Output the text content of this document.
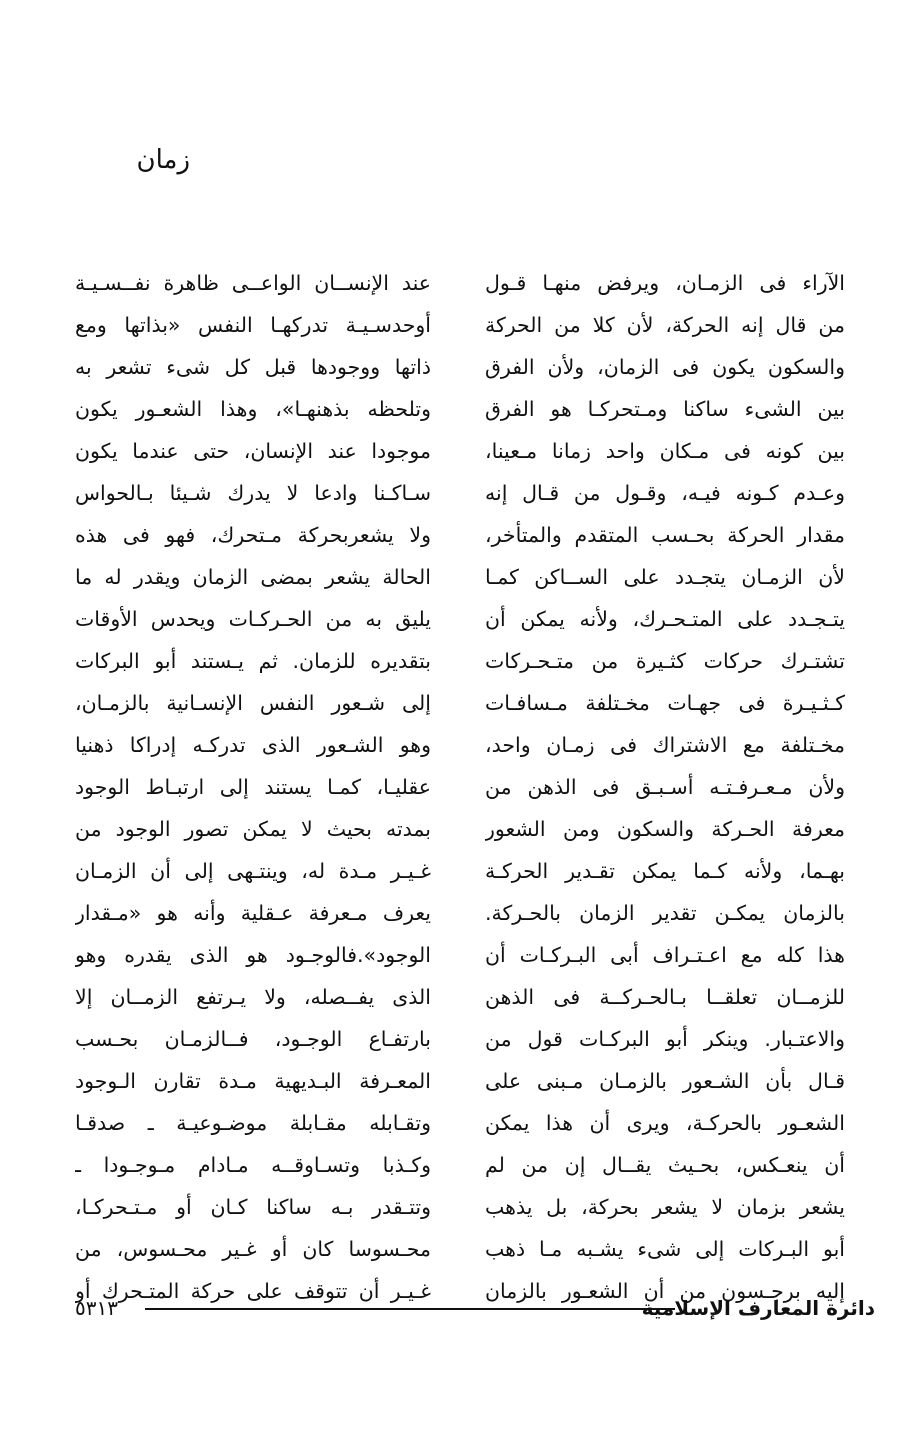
زمان
الآراء فى الزمـان، ويرفض منهـا قـول
من قال إنه الحركة، لأن كلا من الحركة
والسكون يكون فى الزمان، ولأن الفرق
بين الشىء ساكنا ومـتحركـا هو الفرق
بين كونه فى مـكان واحد زمانا مـعينا،
وعـدم كـونه فيـه، وقـول من قـال إنه
مقدار الحركة بحـسب المتقدم والمتأخر،
لأن الزمـان يتجـدد على الســاكن كمـا
يتـجـدد على المتـحـرك، ولأنه يمكن أن
تشتـرك حركات كثـيرة من متـحـركات
كـثـيـرة فى جهـات مخـتلفة مـسافـات
مخـتلفة مع الاشتراك فى زمـان واحد،
ولأن مـعـرفـتـه أسـبـق فى الذهن من
معرفة الحـركة والسكون ومن الشعور
بهـما، ولأنه كـما يمكن تقـدير الحركـة
بالزمان يمكـن تقدير الزمان بالحـركة.
هذا كله مع اعـتـراف أبى البـركـات أن
للزمــان تعلقــا بـالحـركــة فى الذهن
والاعتـبار. وينكر أبو البركـات قول من
قـال بأن الشـعور بالزمـان مـبنى على
الشعـور بالحركـة، ويرى أن هذا يمكن
أن ينعـكس، بحـيث يقــال إن من لم
يشعر بزمان لا يشعر بحركة، بل يذهب
أبو البـركات إلى شىء يشـبه مـا ذهب
إليه برجـسون من أن الشعـور بالزمان
عند الإنســان الواعــى ظاهرة نفــسـيـة
أوحدسـيـة تدركهـا النفس «بذاتها ومع
ذاتها ووجودها قبل كل شىء تشعر به
وتلحظه بذهنهـا»، وهذا الشعـور يكون
موجودا عند الإنسان، حتى عندما يكون
سـاكـنا وادعا لا يدرك شـيئا بـالحواس
ولا يشعربحركة مـتحرك، فهو فى هذه
الحالة يشعر بمضى الزمان ويقدر له ما
يليق به من الحـركـات ويحدس الأوقات
بتقديره للزمان. ثم يـستند أبو البركات
إلى شـعور النفس الإنسـانية بالزمـان،
وهو الشـعور الذى تدركـه إدراكا ذهنيا
عقليـا، كمـا يستند إلى ارتبـاط الوجود
بمدته بحيث لا يمكن تصور الوجود من
غـيـر مـدة له، وينتـهى إلى أن الزمـان
يعرف مـعرفة عـقلية وأنه هو «مـقدار
الوجود».فالوجـود هو الذى يقدره وهو
الذى يفــصله، ولا يـرتفع الزمــان إلا
بارتفـاع الوجـود، فــالزمـان بحـسب
المعـرفة البـديهية مـدة تقارن الـوجود
وتقـابله مقـابلة موضـوعيـة ـ صدقـا
وكـذبا وتسـاوقــه مـادام مـوجـودا ـ
وتتـقدر بـه ساكنا كـان أو مـتـحركـا،
محـسوسا كان أو غـير محـسوس، من
غـيـر أن تتوقف على حركة المتـحرك أو
دائرة المعارف الإسلامية
٥٣١٣
